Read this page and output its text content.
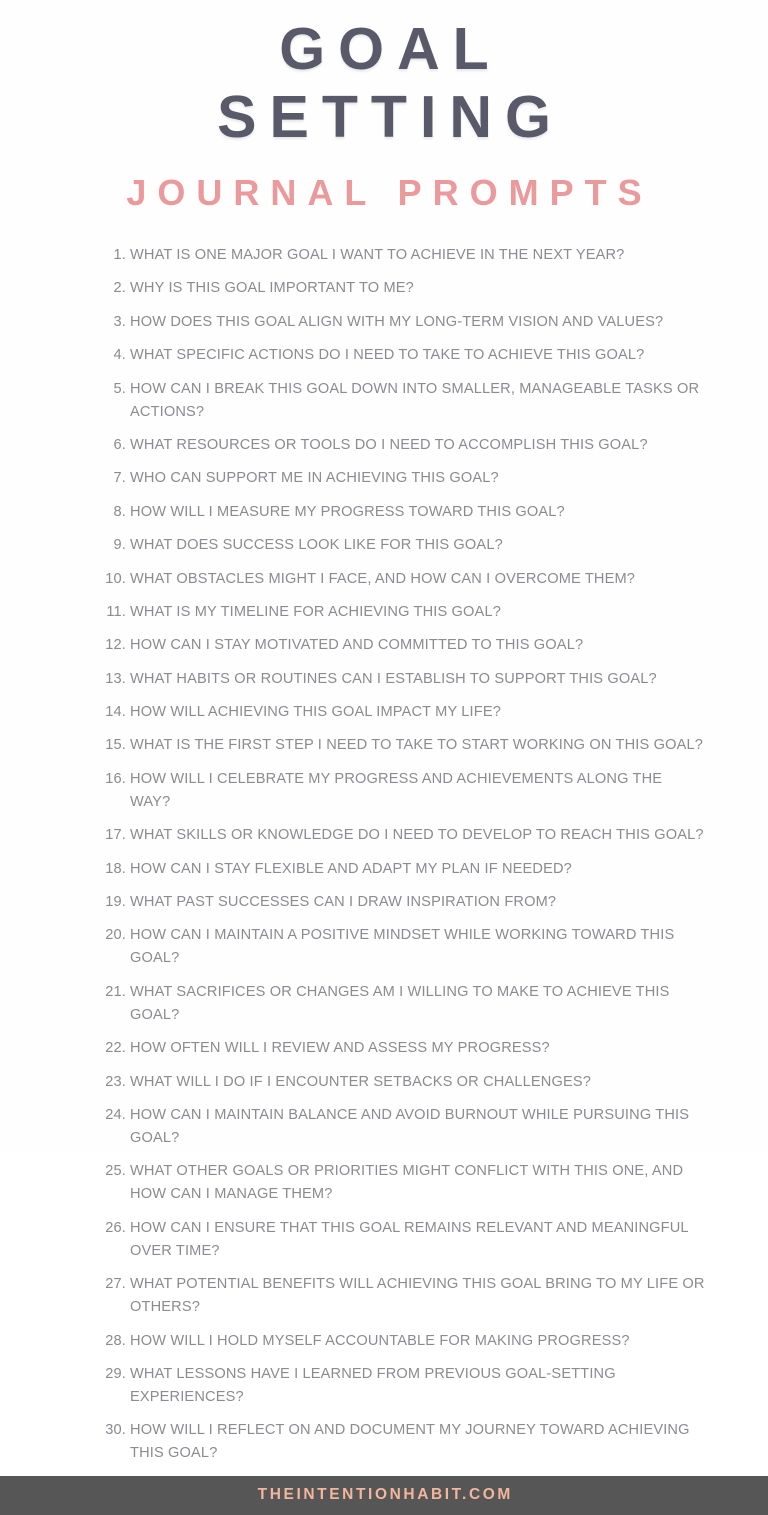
GOAL
SETTING
JOURNAL PROMPTS
WHAT IS ONE MAJOR GOAL I WANT TO ACHIEVE IN THE NEXT YEAR?
WHY IS THIS GOAL IMPORTANT TO ME?
HOW DOES THIS GOAL ALIGN WITH MY LONG-TERM VISION AND VALUES?
WHAT SPECIFIC ACTIONS DO I NEED TO TAKE TO ACHIEVE THIS GOAL?
HOW CAN I BREAK THIS GOAL DOWN INTO SMALLER, MANAGEABLE TASKS OR ACTIONS?
WHAT RESOURCES OR TOOLS DO I NEED TO ACCOMPLISH THIS GOAL?
WHO CAN SUPPORT ME IN ACHIEVING THIS GOAL?
HOW WILL I MEASURE MY PROGRESS TOWARD THIS GOAL?
WHAT DOES SUCCESS LOOK LIKE FOR THIS GOAL?
WHAT OBSTACLES MIGHT I FACE, AND HOW CAN I OVERCOME THEM?
WHAT IS MY TIMELINE FOR ACHIEVING THIS GOAL?
HOW CAN I STAY MOTIVATED AND COMMITTED TO THIS GOAL?
WHAT HABITS OR ROUTINES CAN I ESTABLISH TO SUPPORT THIS GOAL?
HOW WILL ACHIEVING THIS GOAL IMPACT MY LIFE?
WHAT IS THE FIRST STEP I NEED TO TAKE TO START WORKING ON THIS GOAL?
HOW WILL I CELEBRATE MY PROGRESS AND ACHIEVEMENTS ALONG THE WAY?
WHAT SKILLS OR KNOWLEDGE DO I NEED TO DEVELOP TO REACH THIS GOAL?
HOW CAN I STAY FLEXIBLE AND ADAPT MY PLAN IF NEEDED?
WHAT PAST SUCCESSES CAN I DRAW INSPIRATION FROM?
HOW CAN I MAINTAIN A POSITIVE MINDSET WHILE WORKING TOWARD THIS GOAL?
WHAT SACRIFICES OR CHANGES AM I WILLING TO MAKE TO ACHIEVE THIS GOAL?
HOW OFTEN WILL I REVIEW AND ASSESS MY PROGRESS?
WHAT WILL I DO IF I ENCOUNTER SETBACKS OR CHALLENGES?
HOW CAN I MAINTAIN BALANCE AND AVOID BURNOUT WHILE PURSUING THIS GOAL?
WHAT OTHER GOALS OR PRIORITIES MIGHT CONFLICT WITH THIS ONE, AND HOW CAN I MANAGE THEM?
HOW CAN I ENSURE THAT THIS GOAL REMAINS RELEVANT AND MEANINGFUL OVER TIME?
WHAT POTENTIAL BENEFITS WILL ACHIEVING THIS GOAL BRING TO MY LIFE OR OTHERS?
HOW WILL I HOLD MYSELF ACCOUNTABLE FOR MAKING PROGRESS?
WHAT LESSONS HAVE I LEARNED FROM PREVIOUS GOAL-SETTING EXPERIENCES?
HOW WILL I REFLECT ON AND DOCUMENT MY JOURNEY TOWARD ACHIEVING THIS GOAL?
THEINTENTIONHABIT.COM
